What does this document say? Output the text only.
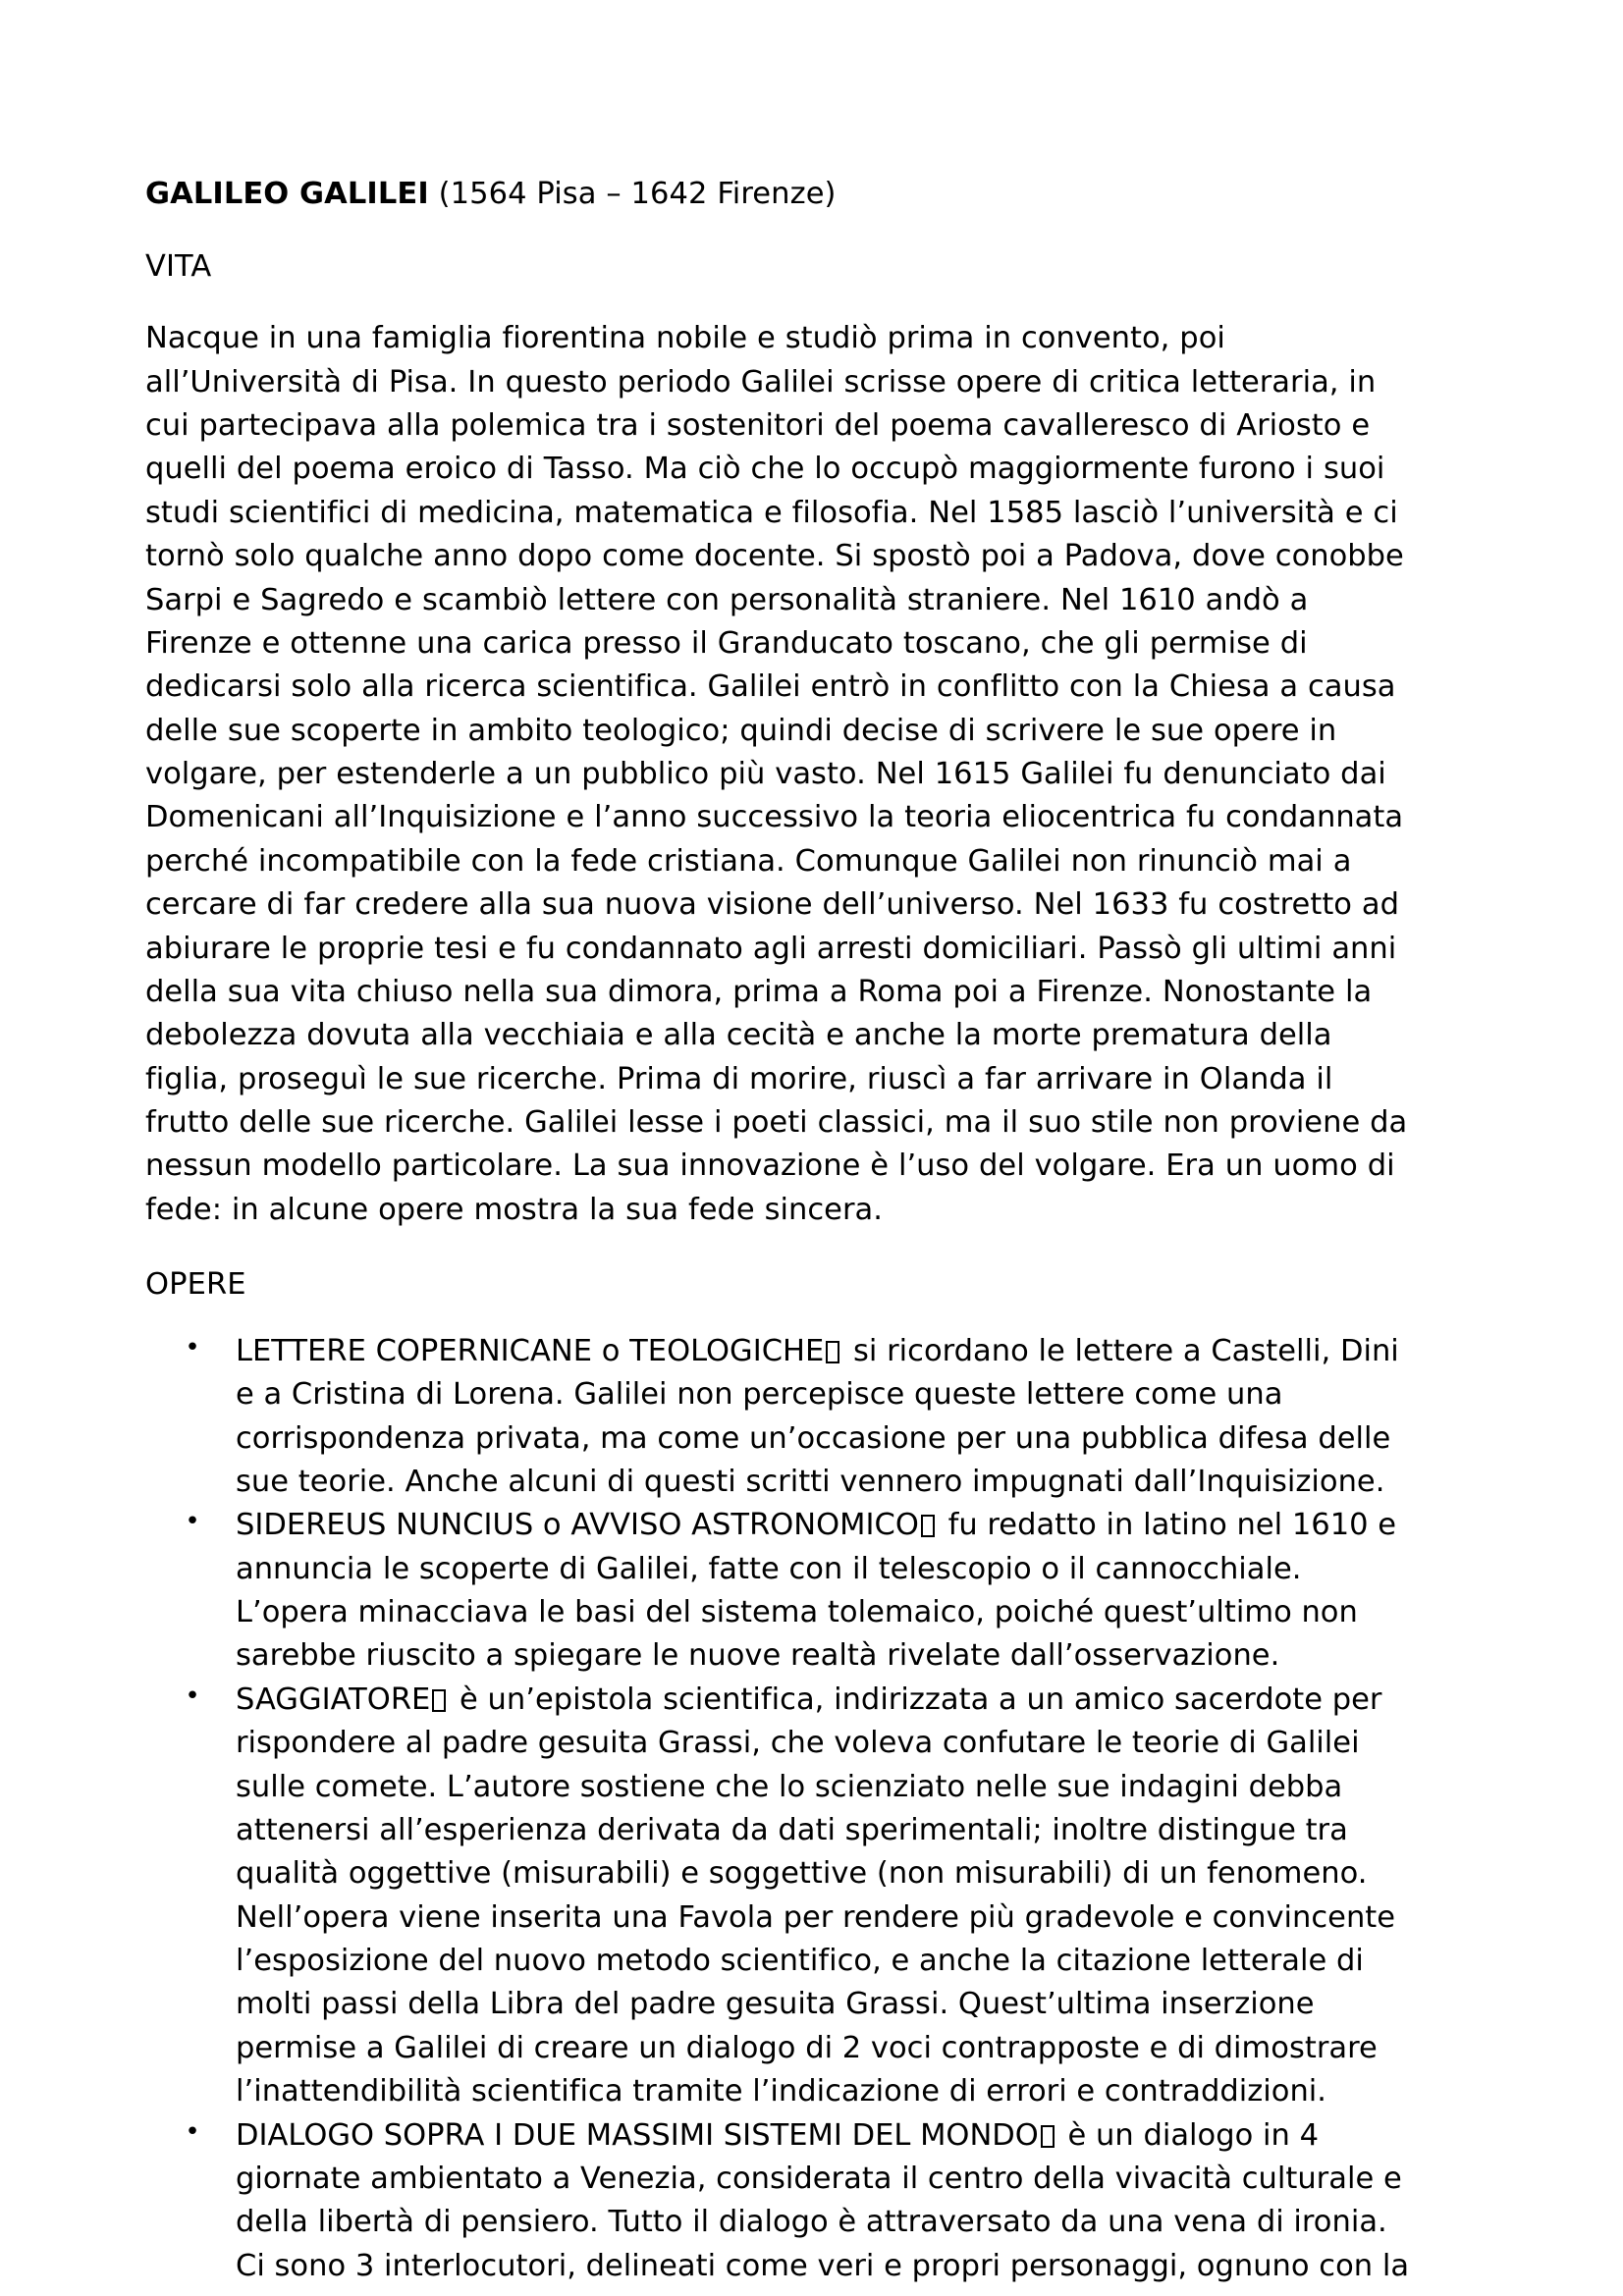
GALILEO GALILEI (1564 Pisa – 1642 Firenze)

VITA

Nacque in una famiglia fiorentina nobile e studiò prima in convento, poi all’Università di Pisa. In questo periodo Galilei scrisse opere di critica letteraria, in cui partecipava alla polemica tra i sostenitori del poema cavalleresco di Ariosto e quelli del poema eroico di Tasso. Ma ciò che lo occupò maggiormente furono i suoi studi scientifici di medicina, matematica e filosofia. Nel 1585 lasciò l’università e ci tornò solo qualche anno dopo come docente. Si spostò poi a Padova, dove conobbe Sarpi e Sagredo e scambiò lettere con personalità straniere. Nel 1610 andò a Firenze e ottenne una carica presso il Granducato toscano, che gli permise di dedicarsi solo alla ricerca scientifica. Galilei entrò in conflitto con la Chiesa a causa delle sue scoperte in ambito teologico; quindi decise di scrivere le sue opere in volgare, per estenderle a un pubblico più vasto. Nel 1615 Galilei fu denunciato dai Domenicani all’Inquisizione e l’anno successivo la teoria eliocentrica fu condannata perché incompatibile con la fede cristiana. Comunque Galilei non rinunciò mai a cercare di far credere alla sua nuova visione dell’universo. Nel 1633 fu costretto ad abiurare le proprie tesi e fu condannato agli arresti domiciliari. Passò gli ultimi anni della sua vita chiuso nella sua dimora, prima a Roma poi a Firenze. Nonostante la debolezza dovuta alla vecchiaia e alla cecità e anche la morte prematura della figlia, proseguì le sue ricerche. Prima di morire, riuscì a far arrivare in Olanda il frutto delle sue ricerche. Galilei lesse i poeti classici, ma il suo stile non proviene da nessun modello particolare. La sua innovazione è l’uso del volgare. Era un uomo di fede: in alcune opere mostra la sua fede sincera.

OPERE

• LETTERE COPERNICANE o TEOLOGICHE si ricordano le lettere a Castelli, Dini e a Cristina di Lorena. Galilei non percepisce queste lettere come una corrispondenza privata, ma come un’occasione per una pubblica difesa delle sue teorie. Anche alcuni di questi scritti vennero impugnati dall’Inquisizione.
• SIDEREUS NUNCIUS o AVVISO ASTRONOMICO fu redatto in latino nel 1610 e annuncia le scoperte di Galilei, fatte con il telescopio o il cannocchiale. L’opera minacciava le basi del sistema tolemaico, poiché quest’ultimo non sarebbe riuscito a spiegare le nuove realtà rivelate dall’osservazione.
• SAGGIATORE è un’epistola scientifica, indirizzata a un amico sacerdote per rispondere al padre gesuita Grassi, che voleva confutare le teorie di Galilei sulle comete. L’autore sostiene che lo scienziato nelle sue indagini debba attenersi all’esperienza derivata da dati sperimentali; inoltre distingue tra qualità oggettive (misurabili) e soggettive (non misurabili) di un fenomeno. Nell’opera viene inserita una Favola per rendere più gradevole e convincente l’esposizione del nuovo metodo scientifico, e anche la citazione letterale di molti passi della Libra del padre gesuita Grassi. Quest’ultima inserzione permise a Galilei di creare un dialogo di 2 voci contrapposte e di dimostrare l’inattendibilità scientifica tramite l’indicazione di errori e contraddizioni.
• DIALOGO SOPRA I DUE MASSIMI SISTEMI DEL MONDO è un dialogo in 4 giornate ambientato a Venezia, considerata il centro della vivacità culturale e della libertà di pensiero. Tutto il dialogo è attraversato da una vena di ironia. Ci sono 3 interlocutori, delineati come veri e propri personaggi, ognuno con la
